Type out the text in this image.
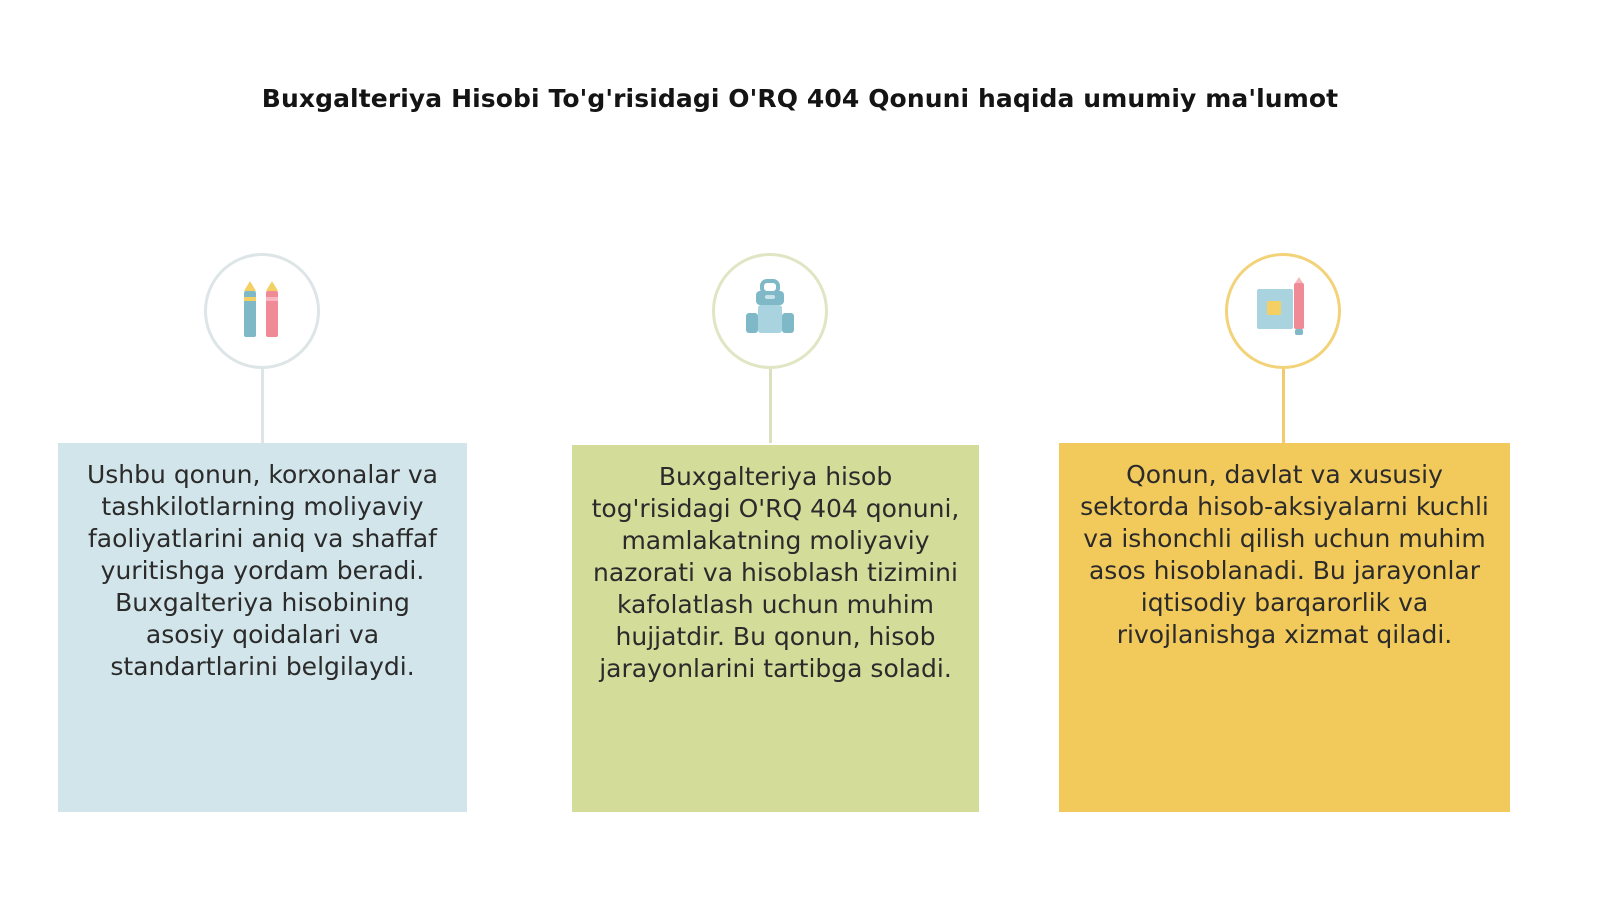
Buxgalteriya Hisobi To'g'risidagi O'RQ 404 Qonuni haqida umumiy ma'lumot
Ushbu qonun, korxonalar va tashkilotlarning moliyaviy faoliyatlarini aniq va shaffaf yuritishga yordam beradi. Buxgalteriya hisobining asosiy qoidalari va standartlarini belgilaydi.
Buxgalteriya hisob tog'risidagi O'RQ 404 qonuni, mamlakatning moliyaviy nazorati va hisoblash tizimini kafolatlash uchun muhim hujjatdir. Bu qonun, hisob jarayonlarini tartibga soladi.
Qonun, davlat va xususiy sektorda hisob-aksiyalarni kuchli va ishonchli qilish uchun muhim asos hisoblanadi. Bu jarayonlar iqtisodiy barqarorlik va rivojlanishga xizmat qiladi.
